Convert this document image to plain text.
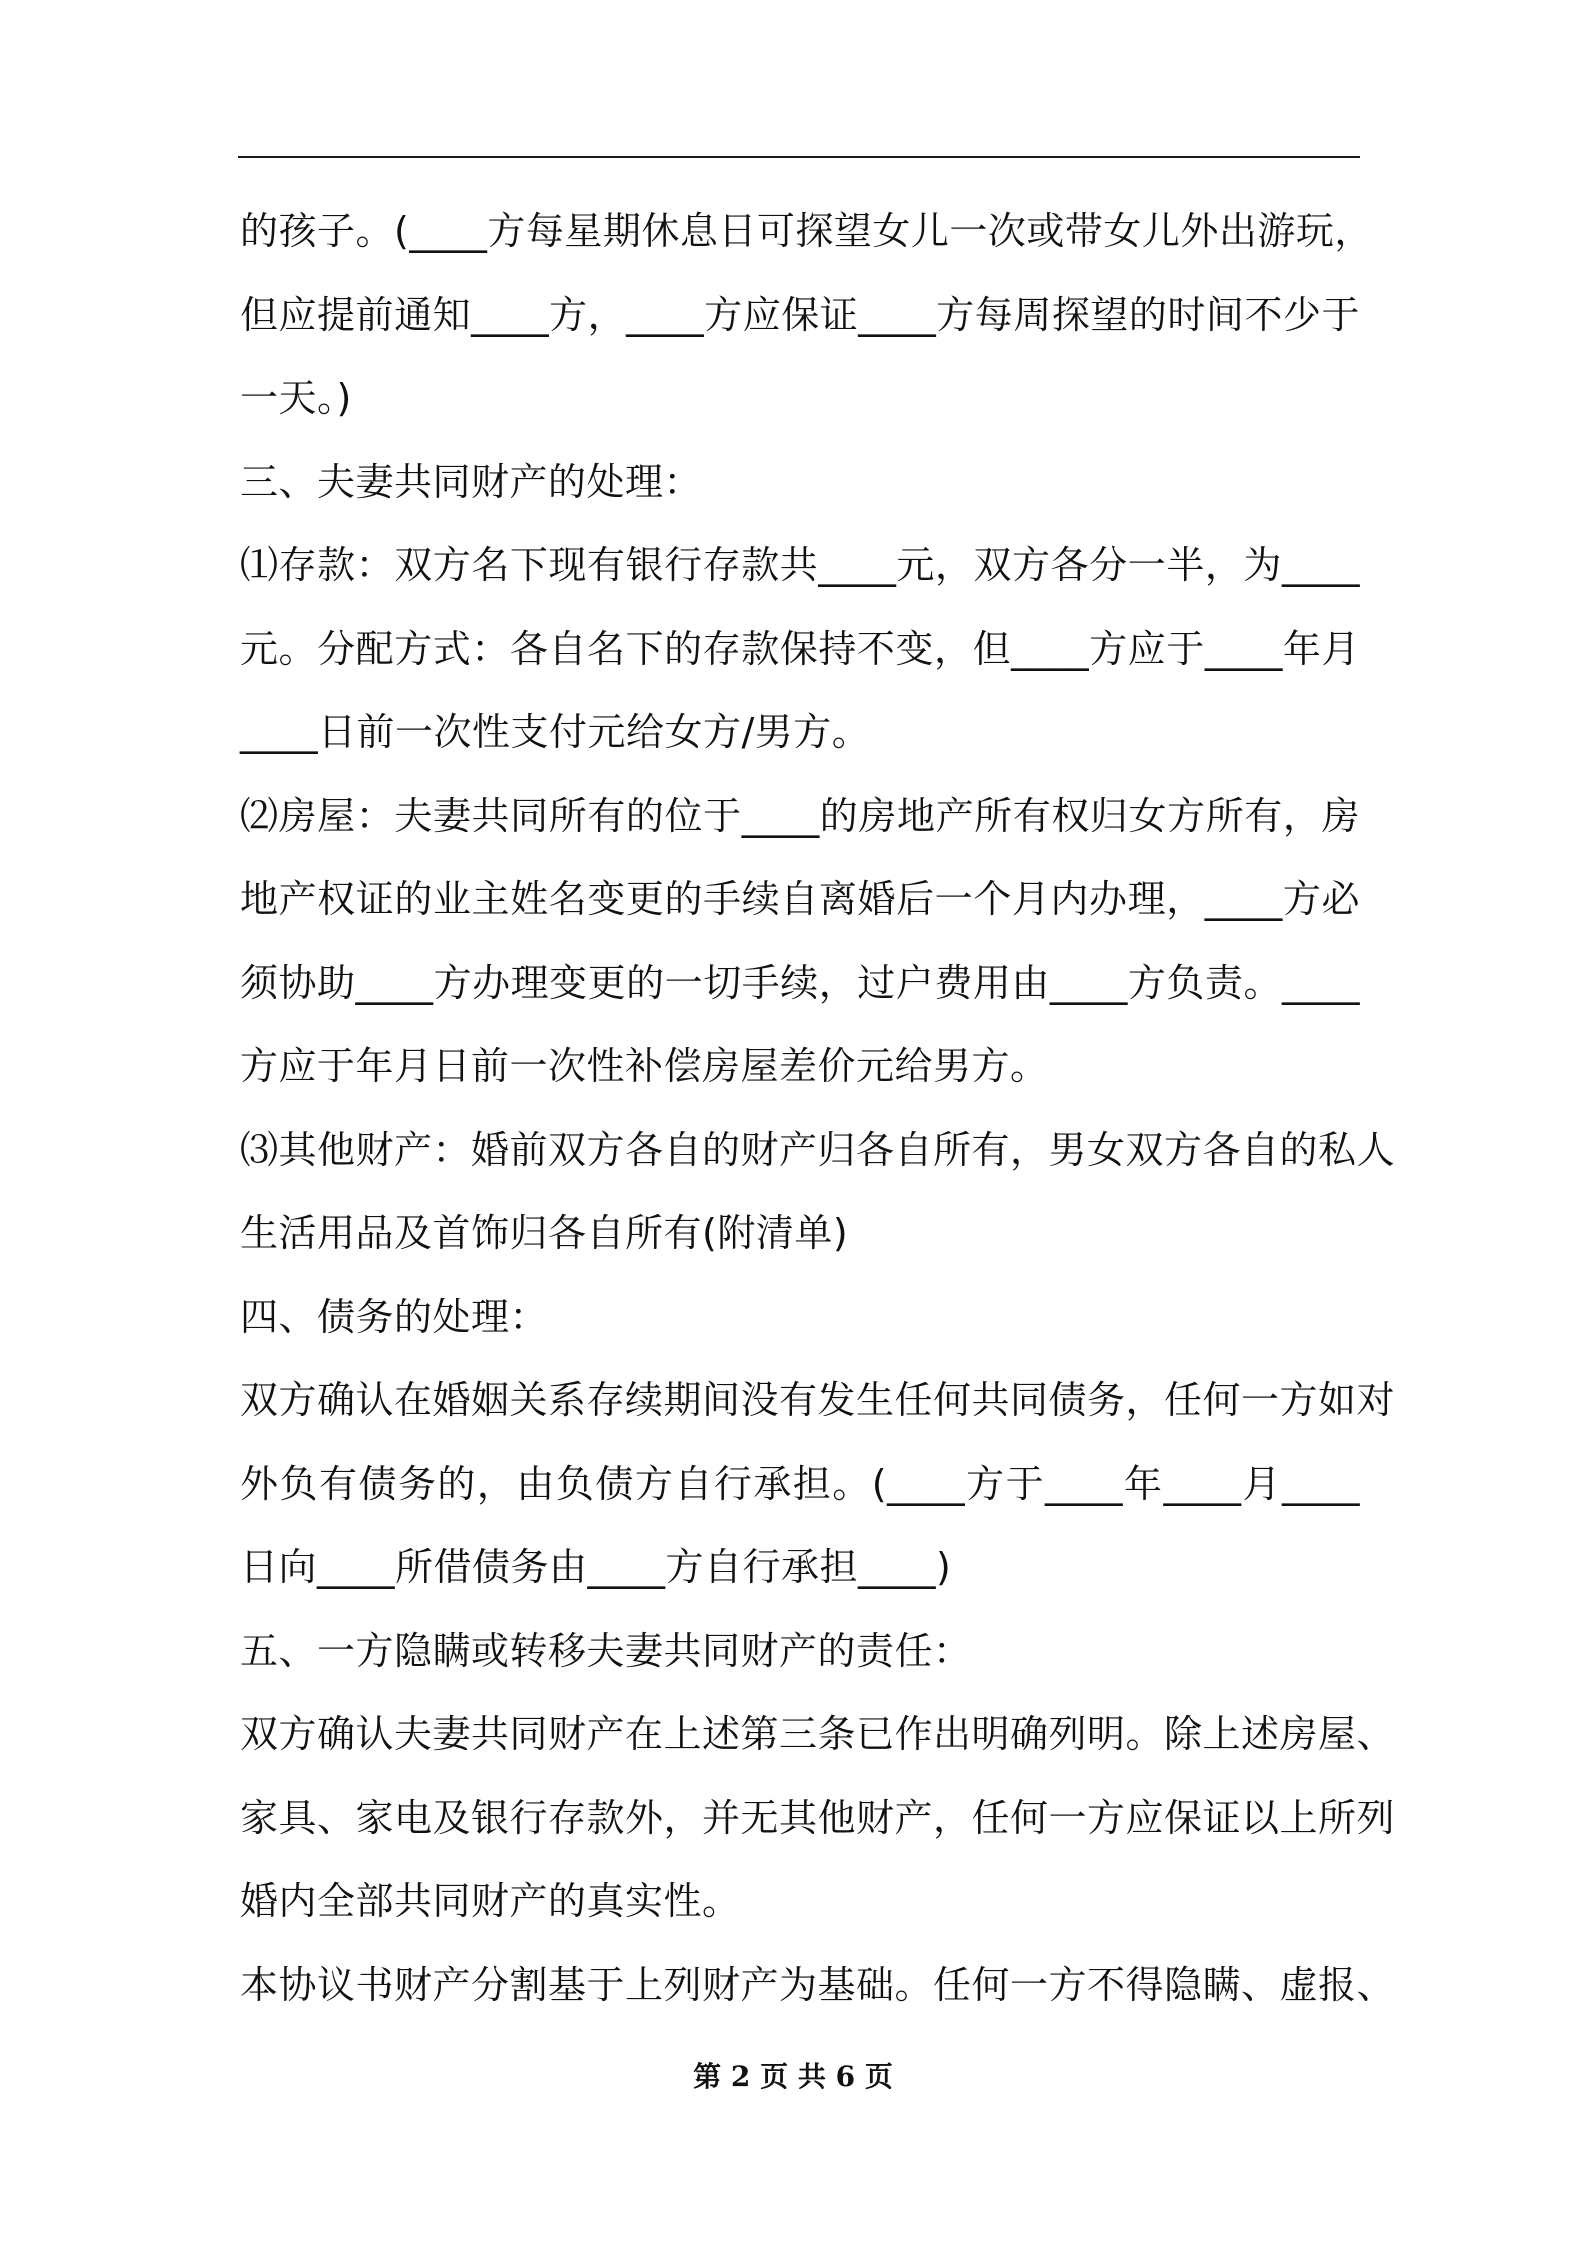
的孩子。(____方每星期休息日可探望女儿一次或带女儿外出游玩，
但应提前通知____方，____方应保证____方每周探望的时间不少于
一天。)
三、夫妻共同财产的处理：
⑴存款：双方名下现有银行存款共____元，双方各分一半，为____
元。分配方式：各自名下的存款保持不变，但____方应于____年月
____日前一次性支付元给女方/男方。
⑵房屋：夫妻共同所有的位于____的房地产所有权归女方所有，房
地产权证的业主姓名变更的手续自离婚后一个月内办理，____方必
须协助____方办理变更的一切手续，过户费用由____方负责。____
方应于年月日前一次性补偿房屋差价元给男方。
⑶其他财产：婚前双方各自的财产归各自所有，男女双方各自的私人
生活用品及首饰归各自所有(附清单)
四、债务的处理：
双方确认在婚姻关系存续期间没有发生任何共同债务，任何一方如对
外负有债务的，由负债方自行承担。(____方于____年____月____
日向____所借债务由____方自行承担____)
五、一方隐瞒或转移夫妻共同财产的责任：
双方确认夫妻共同财产在上述第三条已作出明确列明。除上述房屋、
家具、家电及银行存款外，并无其他财产，任何一方应保证以上所列
婚内全部共同财产的真实性。
本协议书财产分割基于上列财产为基础。任何一方不得隐瞒、虚报、
第 2 页 共 6 页
